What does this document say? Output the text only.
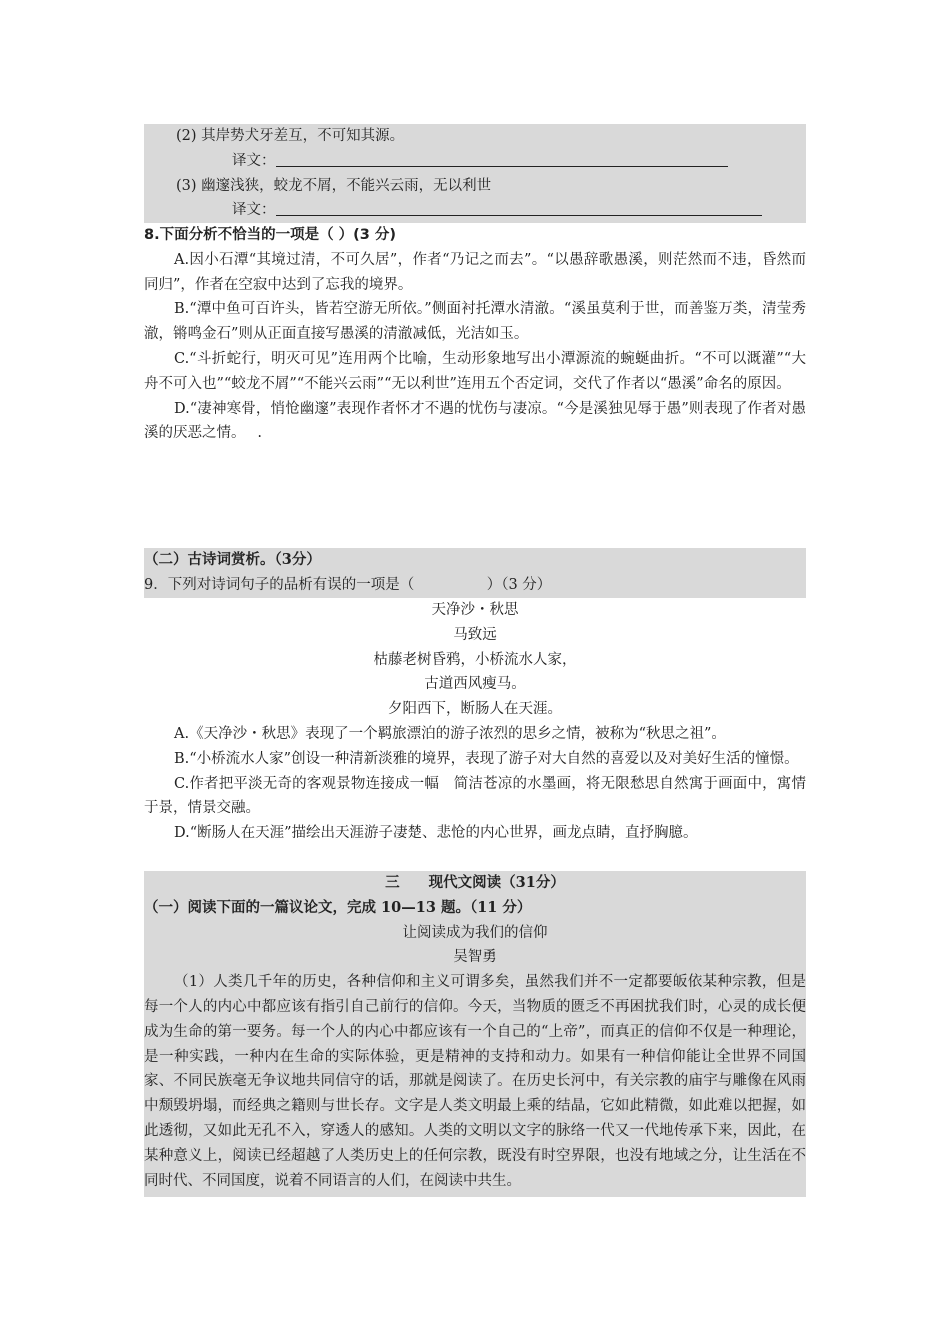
(2) 其岸势犬牙差互，不可知其源。
译文：
(3) 幽邃浅狭，蛟龙不屑，不能兴云雨，无以利世
译文：
8.下面分析不恰当的一项是（ ）(3 分)
A.因小石潭“其境过清，不可久居”，作者“乃记之而去”。“以愚辞歌愚溪，则茫然而不违，昏然而同归”，作者在空寂中达到了忘我的境界。
B.“潭中鱼可百许头，皆若空游无所依。”侧面衬托潭水清澈。“溪虽莫利于世，而善鉴万类，清莹秀澈，锵鸣金石”则从正面直接写愚溪的清澈减低，光洁如玉。
C.“斗折蛇行，明灭可见”连用两个比喻，生动形象地写出小潭源流的蜿蜒曲折。“不可以溉灌”“大舟不可入也”“蛟龙不屑”“不能兴云雨”“无以利世”连用五个否定词，交代了作者以“愚溪”命名的原因。
D.“凄神寒骨，悄怆幽邃”表现作者怀才不遇的忧伤与凄凉。“今是溪独见辱于愚”则表现了作者对愚溪的厌恶之情。　 .
（二）古诗词赏析。（3分）
9．下列对诗词句子的品析有误的一项是（　　　　　）（3 分）
天净沙・秋思
马致远
枯藤老树昏鸦，小桥流水人家，
古道西风瘦马。
夕阳西下，断肠人在天涯。
A.《天净沙・秋思》表现了一个羁旅漂泊的游子浓烈的思乡之情，被称为“秋思之祖”。
B.“小桥流水人家”创设一种清新淡雅的境界，表现了游子对大自然的喜爱以及对美好生活的憧憬。
C.作者把平淡无奇的客观景物连接成一幅　简洁苍凉的水墨画，将无限愁思自然寓于画面中，寓情于景，情景交融。
D.“断肠人在天涯”描绘出天涯游子凄楚、悲怆的内心世界，画龙点睛，直抒胸臆。
三　　现代文阅读（31分）
（一）阅读下面的一篇议论文，完成 10—13 题。（11 分）
让阅读成为我们的信仰
吴智勇
（1）人类几千年的历史，各种信仰和主义可谓多矣，虽然我们并不一定都要皈依某种宗教，但是每一个人的内心中都应该有指引自己前行的信仰。今天，当物质的匮乏不再困扰我们时，心灵的成长便成为生命的第一要务。每一个人的内心中都应该有一个自己的“上帝”，而真正的信仰不仅是一种理论，是一种实践，一种内在生命的实际体验，更是精神的支持和动力。如果有一种信仰能让全世界不同国家、不同民族毫无争议地共同信守的话，那就是阅读了。在历史长河中，有关宗教的庙宇与雕像在风雨中颓毁坍塌，而经典之籍则与世长存。文字是人类文明最上乘的结晶，它如此精微，如此难以把握，如此透彻，又如此无孔不入，穿透人的感知。人类的文明以文字的脉络一代又一代地传承下来，因此，在某种意义上，阅读已经超越了人类历史上的任何宗教，既没有时空界限，也没有地域之分，让生活在不同时代、不同国度，说着不同语言的人们，在阅读中共生。
